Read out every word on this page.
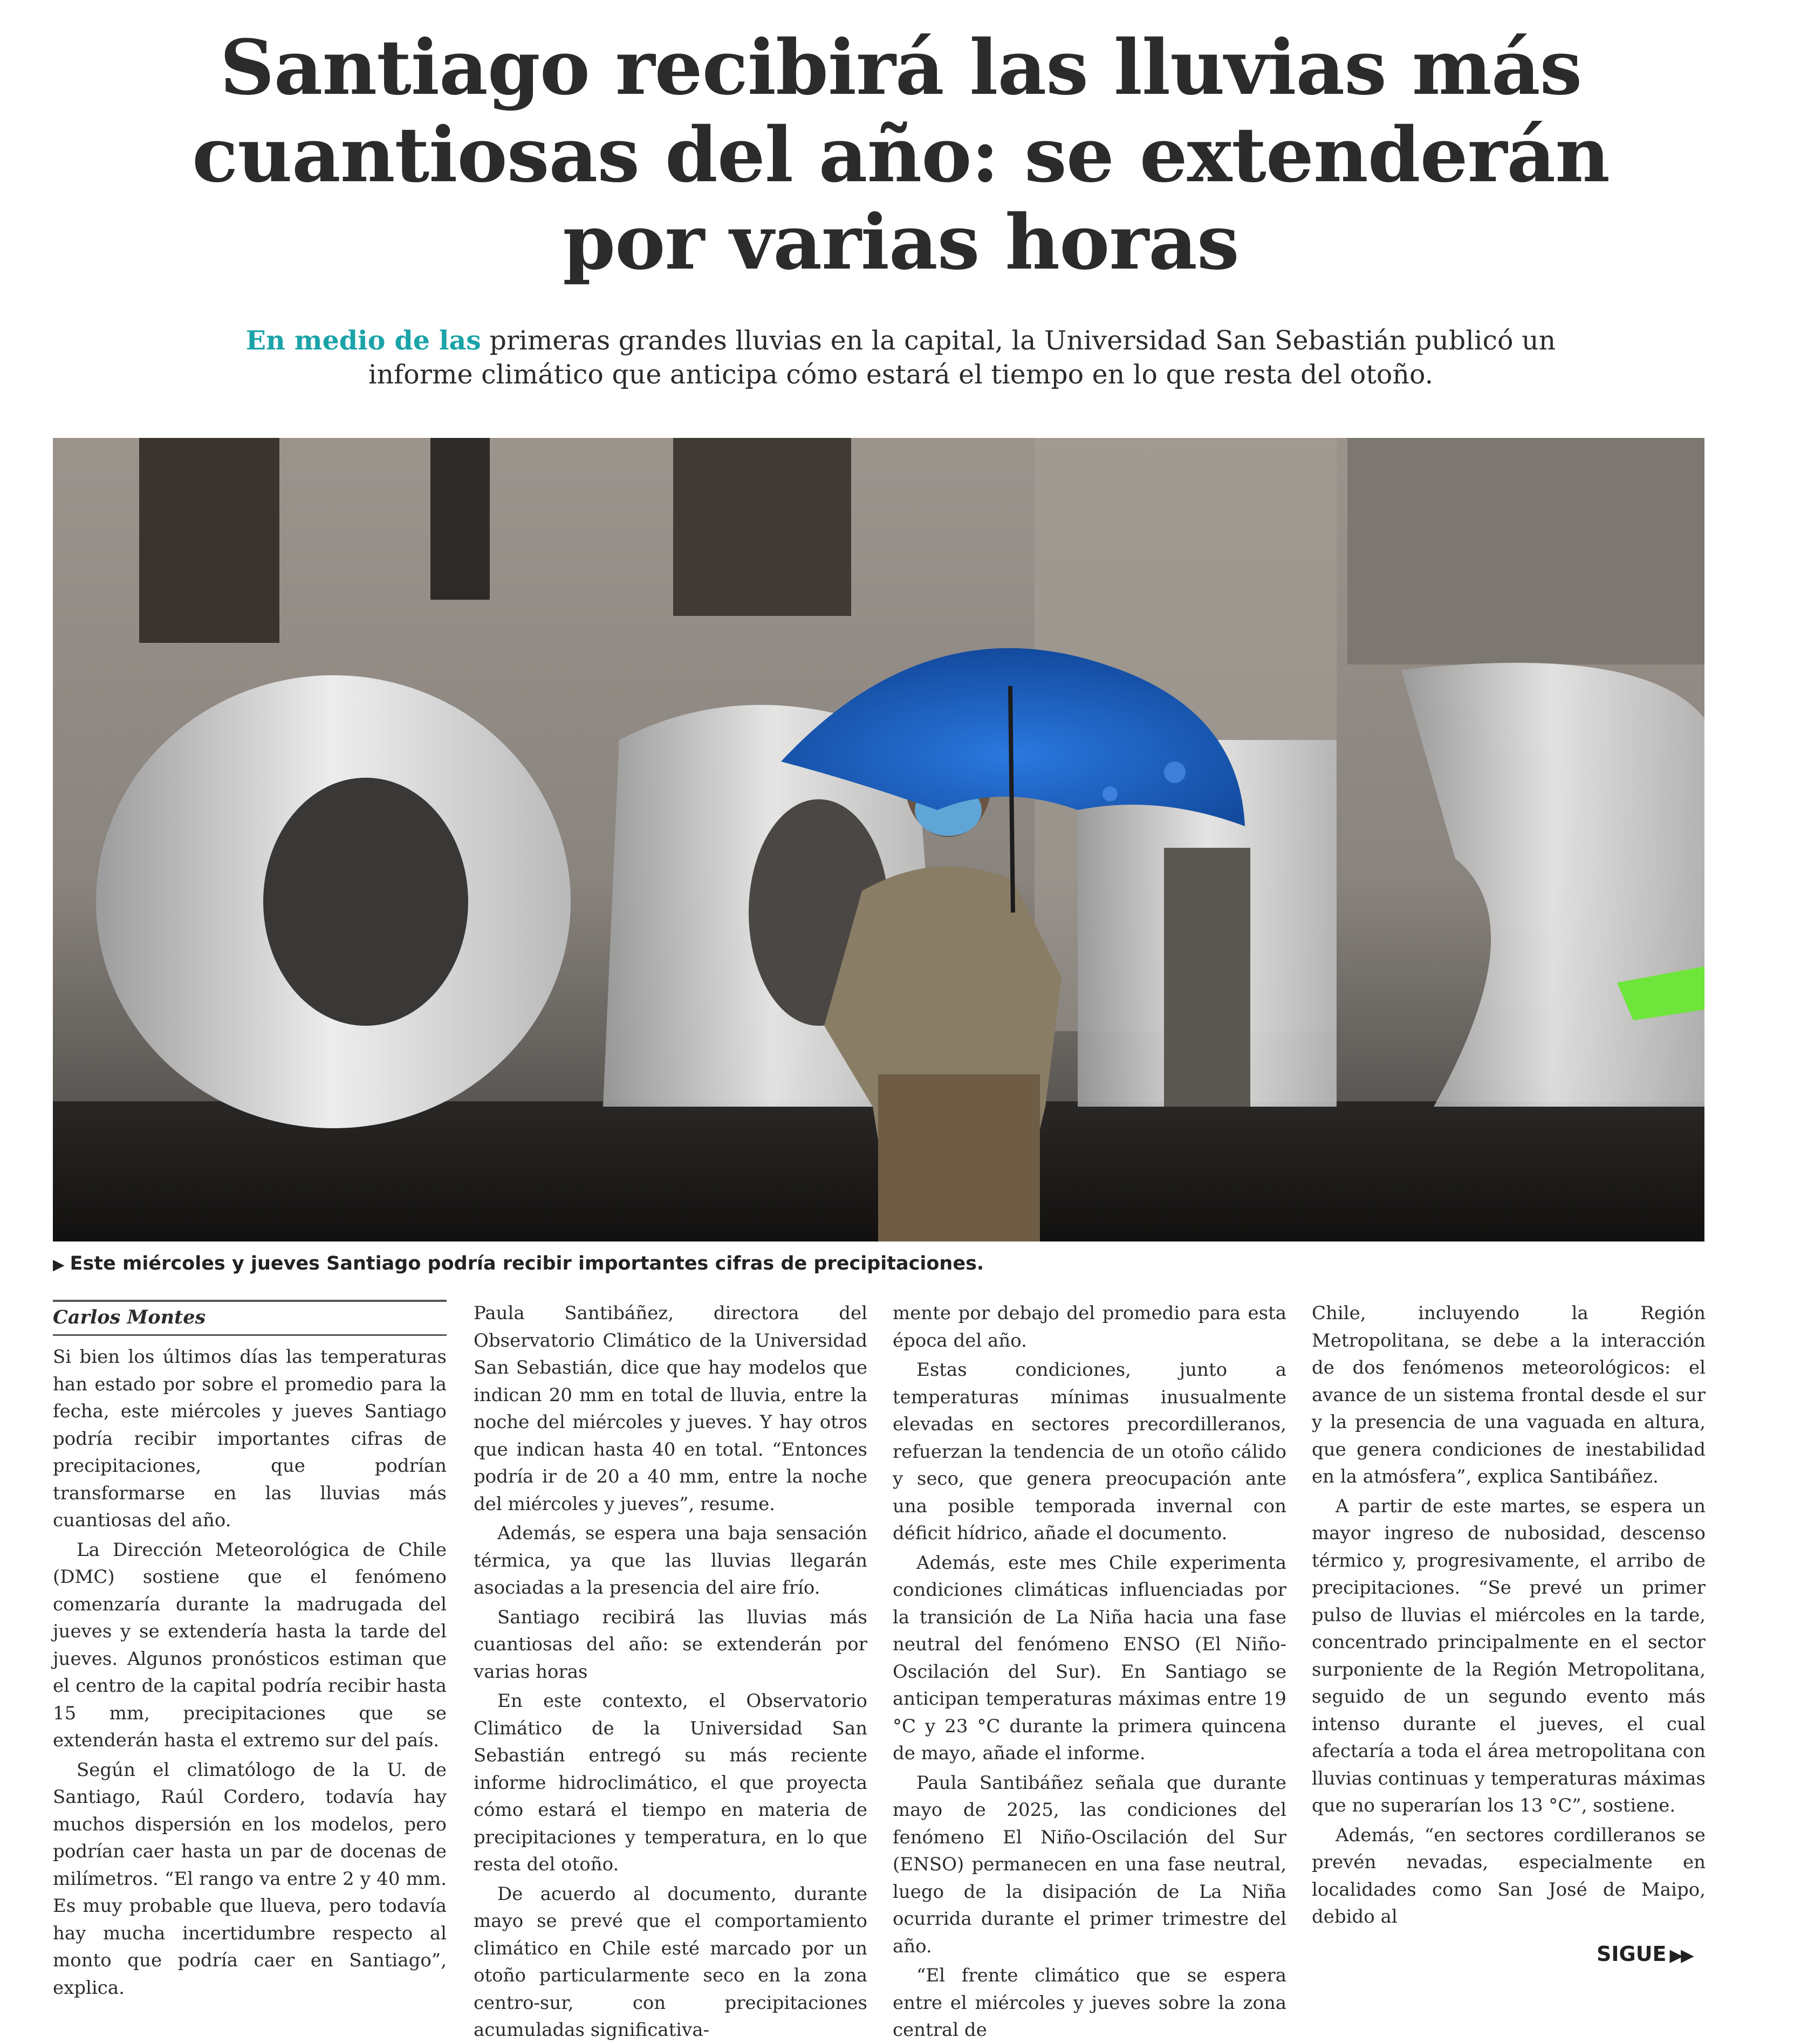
Santiago recibirá las lluvias más cuantiosas del año: se extenderán por varias horas
En medio de las primeras grandes lluvias en la capital, la Universidad San Sebastián publicó un informe climático que anticipa cómo estará el tiempo en lo que resta del otoño.
▶ Este miércoles y jueves Santiago podría recibir importantes cifras de precipitaciones.
Carlos Montes

Si bien los últimos días las temperaturas han estado por sobre el promedio para la fecha, este miércoles y jueves Santiago podría recibir importantes cifras de precipitaciones, que podrían transformarse en las lluvias más cuantiosas del año.

La Dirección Meteorológica de Chile (DMC) sostiene que el fenómeno comenzaría durante la madrugada del jueves y se extendería hasta la tarde del jueves. Algunos pronósticos estiman que el centro de la capital podría recibir hasta 15 mm, precipitaciones que se extenderán hasta el extremo sur del país.

Según el climatólogo de la U. de Santiago, Raúl Cordero, todavía hay muchos dispersión en los modelos, pero podrían caer hasta un par de docenas de milímetros. “El rango va entre 2 y 40 mm. Es muy probable que llueva, pero todavía hay mucha incertidumbre respecto al monto que podría caer en Santiago”, explica.

Paula Santibáñez, directora del Observatorio Climático de la Universidad San Sebastián, dice que hay modelos que indican 20 mm en total de lluvia, entre la noche del miércoles y jueves. Y hay otros que indican hasta 40 en total. “Entonces podría ir de 20 a 40 mm, entre la noche del miércoles y jueves”, resume.

Además, se espera una baja sensación térmica, ya que las lluvias llegarán asociadas a la presencia del aire frío.

Santiago recibirá las lluvias más cuantiosas del año: se extenderán por varias horas

En este contexto, el Observatorio Climático de la Universidad San Sebastián entregó su más reciente informe hidroclimático, el que proyecta cómo estará el tiempo en materia de precipitaciones y temperatura, en lo que resta del otoño.

De acuerdo al documento, durante mayo se prevé que el comportamiento climático en Chile esté marcado por un otoño particularmente seco en la zona centro-sur, con precipitaciones acumuladas significativa-

mente por debajo del promedio para esta época del año.

Estas condiciones, junto a temperaturas mínimas inusualmente elevadas en sectores precordilleranos, refuerzan la tendencia de un otoño cálido y seco, que genera preocupación ante una posible temporada invernal con déficit hídrico, añade el documento.

Además, este mes Chile experimenta condiciones climáticas influenciadas por la transición de La Niña hacia una fase neutral del fenómeno ENSO (El Niño-Oscilación del Sur). En Santiago se anticipan temperaturas máximas entre 19 °C y 23 °C durante la primera quincena de mayo, añade el informe.

Paula Santibáñez señala que durante mayo de 2025, las condiciones del fenómeno El Niño-Oscilación del Sur (ENSO) permanecen en una fase neutral, luego de la disipación de La Niña ocurrida durante el primer trimestre del año.

“El frente climático que se espera entre el miércoles y jueves sobre la zona central de

Chile, incluyendo la Región Metropolitana, se debe a la interacción de dos fenómenos meteorológicos: el avance de un sistema frontal desde el sur y la presencia de una vaguada en altura, que genera condiciones de inestabilidad en la atmósfera”, explica Santibáñez.

A partir de este martes, se espera un mayor ingreso de nubosidad, descenso térmico y, progresivamente, el arribo de precipitaciones. “Se prevé un primer pulso de lluvias el miércoles en la tarde, concentrado principalmente en el sector surponiente de la Región Metropolitana, seguido de un segundo evento más intenso durante el jueves, el cual afectaría a toda el área metropolitana con lluvias continuas y temperaturas máximas que no superarían los 13 °C”, sostiene.

Además, “en sectores cordilleranos se prevén nevadas, especialmente en localidades como San José de Maipo, debido al

SIGUE ▶▶
